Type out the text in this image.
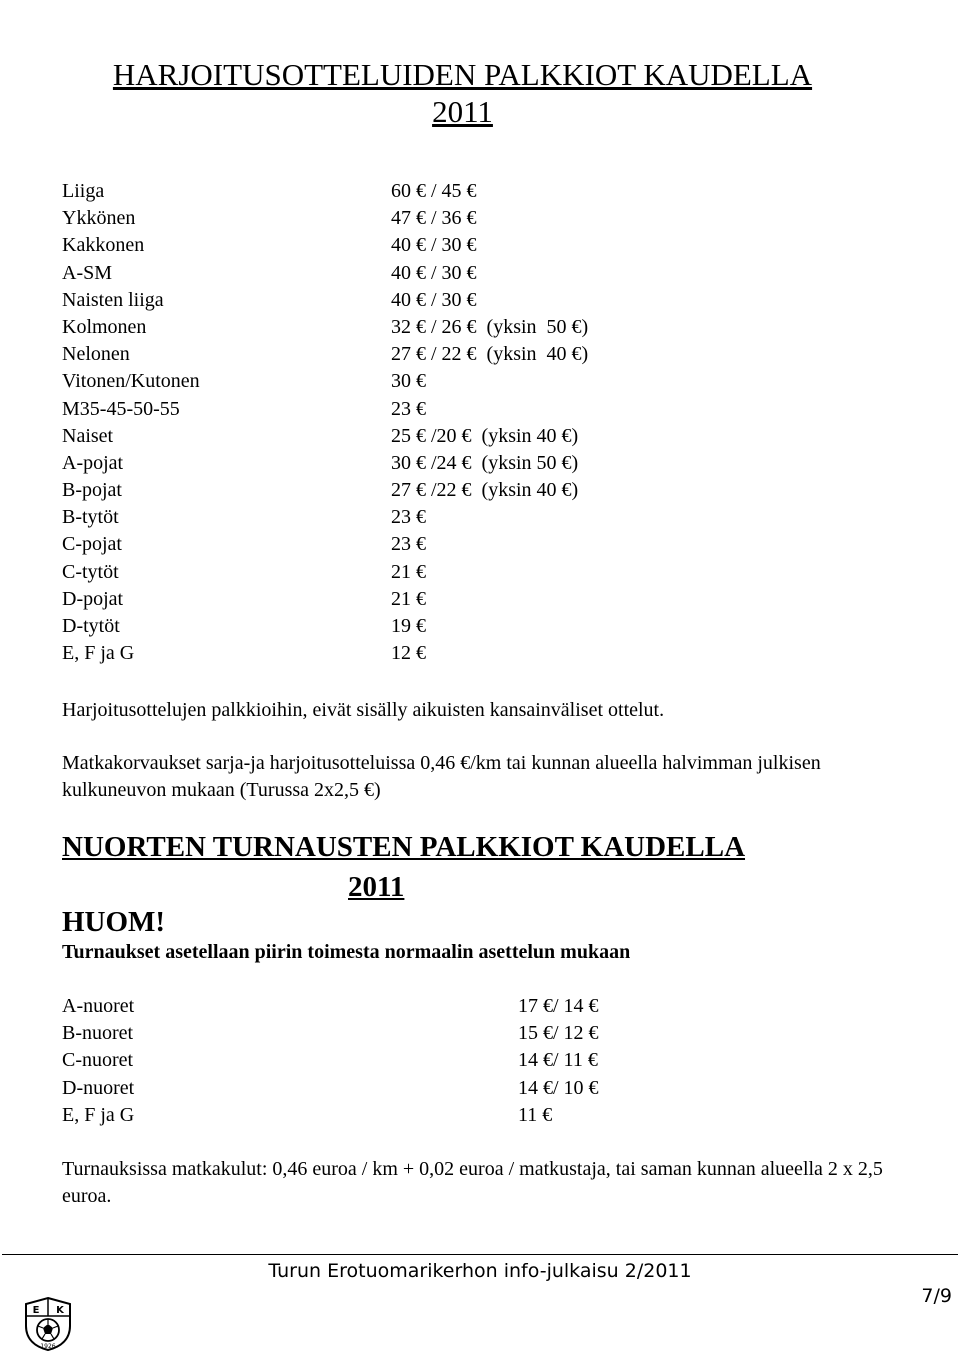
HARJOITUSOTTELUIDEN PALKKIOT KAUDELLA
2011
Liiga	60 € / 45 €
Ykkönen	47 € / 36 €
Kakkonen	40 € / 30 €
A-SM	40 € / 30 €
Naisten liiga	40 € / 30 €
Kolmonen	32 € / 26 €  (yksin  50 €)
Nelonen	27 € / 22 €  (yksin  40 €)
Vitonen/Kutonen	30 €
M35-45-50-55	23 €
Naiset	25 € /20 €  (yksin 40 €)
A-pojat	30 € /24 €  (yksin 50 €)
B-pojat	27 € /22 €  (yksin 40 €)
B-tytöt	23 €
C-pojat	23 €
C-tytöt	21 €
D-pojat	21 €
D-tytöt	19 €
E, F ja G	12 €

Harjoitusottelujen palkkioihin, eivät sisälly aikuisten kansainväliset ottelut.

Matkakorvaukset sarja-ja harjoitusotteluissa 0,46 €/km tai kunnan alueella halvimman julkisen kulkuneuvon mukaan (Turussa 2x2,5 €)

NUORTEN TURNAUSTEN PALKKIOT KAUDELLA
2011
HUOM!

Turnaukset asetellaan piirin toimesta normaalin asettelun mukaan

A-nuoret	17 €/ 14 €
B-nuoret	15 €/ 12 €
C-nuoret	14 €/ 11 €
D-nuoret	14 €/ 10 €
E, F ja G	11 €

Turnauksissa matkakulut: 0,46 euroa / km + 0,02 euroa / matkustaja, tai saman kunnan alueella 2 x 2,5 euroa.

Turun Erotuomarikerhon info-julkaisu 2/2011
7/9
E K
1926
